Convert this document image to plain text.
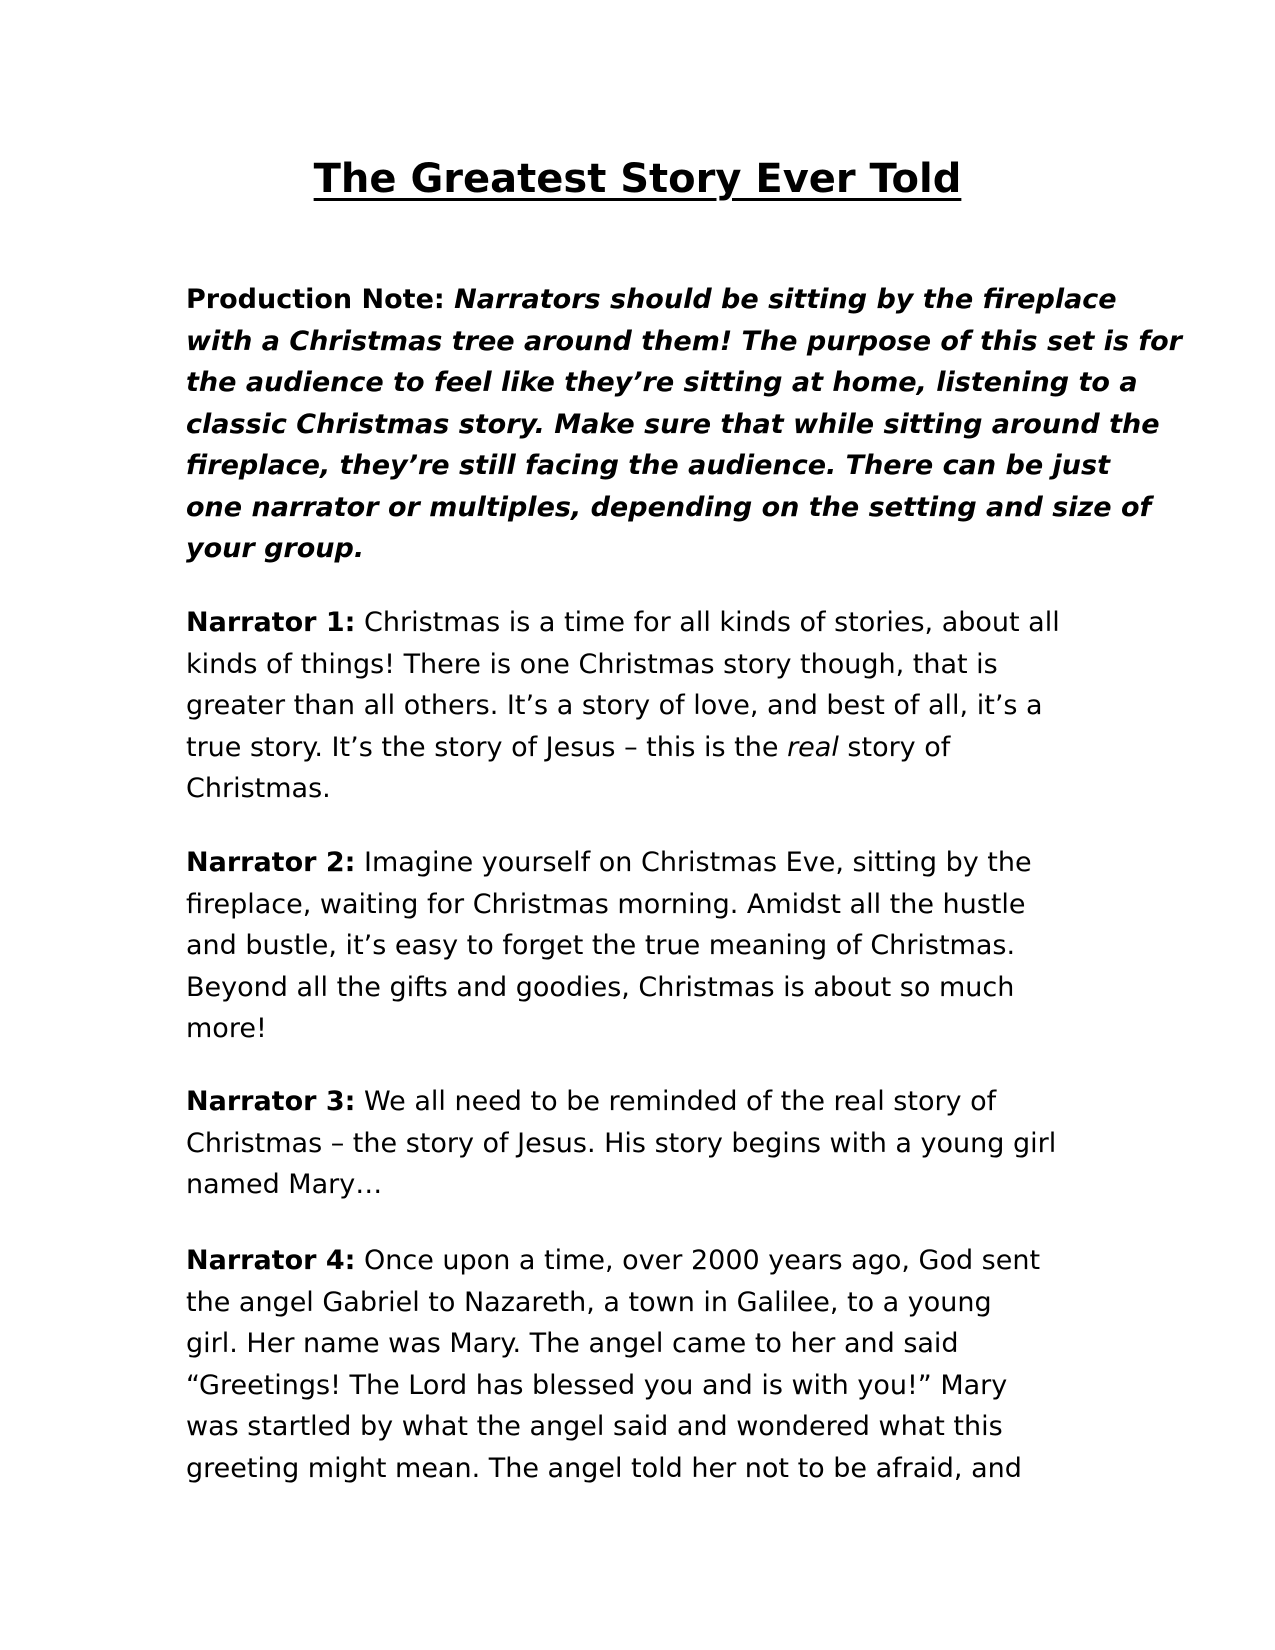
The Greatest Story Ever Told
Production Note: Narrators should be sitting by the fireplace
with a Christmas tree around them! The purpose of this set is for
the audience to feel like they’re sitting at home, listening to a
classic Christmas story. Make sure that while sitting around the
fireplace, they’re still facing the audience. There can be just
one narrator or multiples, depending on the setting and size of
your group.
Narrator 1: Christmas is a time for all kinds of stories, about all
kinds of things! There is one Christmas story though, that is
greater than all others. It’s a story of love, and best of all, it’s a
true story. It’s the story of Jesus – this is the real story of
Christmas.
Narrator 2: Imagine yourself on Christmas Eve, sitting by the
fireplace, waiting for Christmas morning. Amidst all the hustle
and bustle, it’s easy to forget the true meaning of Christmas.
Beyond all the gifts and goodies, Christmas is about so much
more!
Narrator 3: We all need to be reminded of the real story of
Christmas – the story of Jesus. His story begins with a young girl
named Mary…
Narrator 4: Once upon a time, over 2000 years ago, God sent
the angel Gabriel to Nazareth, a town in Galilee, to a young
girl. Her name was Mary. The angel came to her and said
“Greetings! The Lord has blessed you and is with you!” Mary
was startled by what the angel said and wondered what this
greeting might mean. The angel told her not to be afraid, and
